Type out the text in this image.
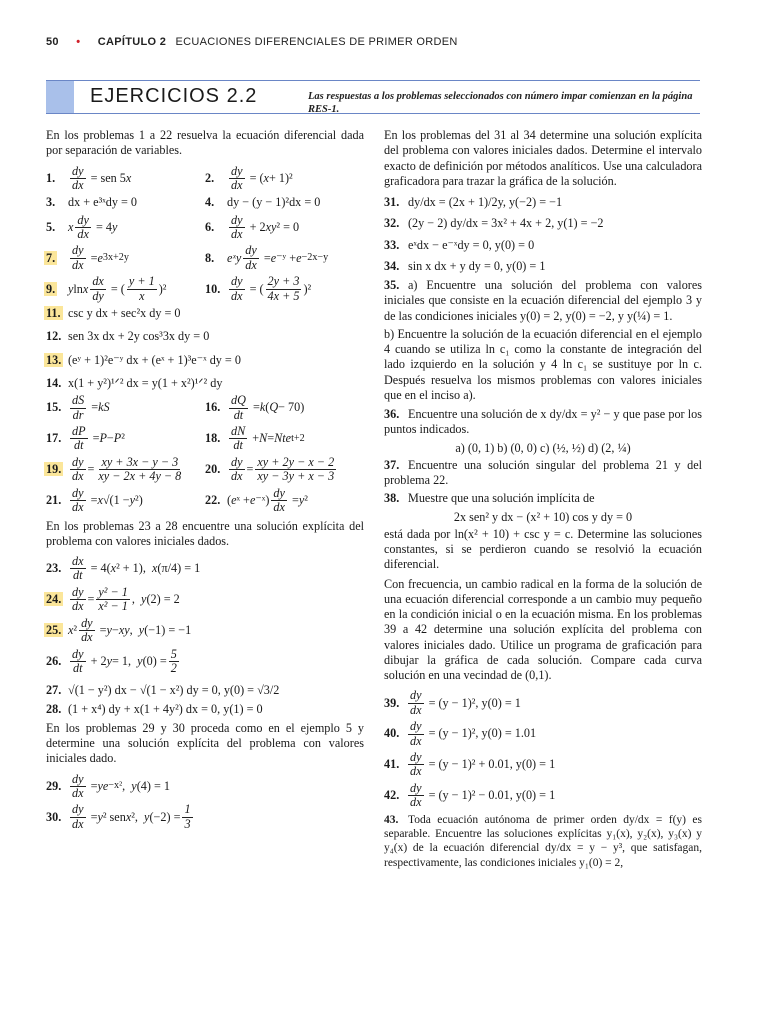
50 • CAPÍTULO 2 ECUACIONES DIFERENCIALES DE PRIMER ORDEN
EJERCICIOS 2.2	Las respuestas a los problemas seleccionados con número impar comienzan en la página RES-1.

En los problemas 1 a 22 resuelva la ecuación diferencial dada por separación de variables.

1.	$\frac{dy}{dx}$ = sen 5 x	2.	$\frac{dy}{dx}$ = ( x + 1)²
3.	dx + e³ˣdy = 0	4.	dy − (y − 1)²dx = 0
5.	x $\frac{dy}{dx} = 4$ y	6.	$\frac{dy}{dx} + 2$ xy ² = 0
7.	$\frac{dy}{dx} = e$ 3x+2y	8.	eˣy $\frac{dy}{dx} = e$ ⁻ʸ + e −2x−y
9.	y ln x $\frac{dx}{dy}$ = ( $\frac{y + 1}{x} )^2$	10. $\frac{dy}{dx}$ = ( $\frac{2y + 3}{4x + 5} )^2$
11. csc y dx + sec²x dy = 0
12. sen 3x dx + 2y cos³3x dy = 0
13. (eʸ + 1)²e⁻ʸ dx + (eˣ + 1)³e⁻ˣ dy = 0
14. x(1 + y²)¹ᐟ² dx = y(1 + x²)¹ᐟ² dy
15. $\frac{dS}{dr}$ = kS	16. $\frac{dQ}{dt} = k$ ( Q − 70)
17. $\frac{dP}{dt} = P - P$ ²	18. $\frac{dN}{dt} + N$ = Nte t+2
19. $\frac{dy}{dx} = \frac{xy + 3x - y - 3}{xy - 2x + 4y - 8} 20$. $\frac{dy}{dx} = \frac{xy + 2y - x - 2}{xy - 3y + x - 3}$
21. $\frac{dy}{dx} = x$ √(1 − y ²)	22. ( e ˣ + e ⁻ˣ) $\frac{dy}{dx} = y$ ²

En los problemas 23 a 28 encuentre una solución explícita del problema con valores iniciales dados.

23. $\frac{dx}{dt} = 4$( x ² + 1), x (π/4) = 1
24. $\frac{dy}{dx} = \frac{\text{y² − 1}}{\text{x² − 1}}$ , y (2) = 2
25. x $^2 \frac{dy}{dx} = y$ − xy , y (−1) = −1
26. $\frac{dy}{dt} + 2$ y = 1, y $(0) = \frac{5}{2}$
27. √(1 − y²) dx − √(1 − x²) dy = 0, y(0) = √3/2
28. (1 + x⁴) dy + x(1 + 4y²) dx = 0, y(1) = 0

En los problemas 29 y 30 proceda como en el ejemplo 5 y determine una solución explícita del problema con valores iniciales dado.

29. $\frac{dy}{dx}$ = ye −x² , y (4) = 1
30. $\frac{dy}{dx} = y$ ² sen x ², y $(-2) = \frac{1}{3}$

En los problemas del 31 al 34 determine una solución explícita del problema con valores iniciales dados. Determine el intervalo exacto de definición por métodos analíticos. Use una calculadora graficadora para trazar la gráfica de la solución.

31. dy/dx = (2x + 1)/2y, y(−2) = −1
32. (2y − 2) dy/dx = 3x² + 4x + 2, y(1) = −2
33. eˣdx − e⁻ˣdy = 0, y(0) = 0
34. sin x dx + y dy = 0, y(0) = 1
35. a) Encuentre una solución del problema con valores iniciales que consiste en la ecuación diferencial del ejemplo 3 y de las condiciones iniciales y(0) = 2, y(0) = −2, y y(¼) = 1.
b) Encuentre la solución de la ecuación diferencial en el ejemplo 4 cuando se utiliza ln c₁ como la constante de integración del lado izquierdo en la solución y 4 ln c₁ se sustituye por ln c. Después resuelva los mismos problemas con valores iniciales que en el inciso a).
36. Encuentre una solución de x dy/dx = y² − y que pase por los puntos indicados.
a) (0, 1) b) (0, 0) c) (½, ½) d) (2, ¼)
37. Encuentre una solución singular del problema 21 y del problema 22.
38. Muestre que una solución implícita de
2x sen² y dx − (x² + 10) cos y dy = 0
está dada por ln(x² + 10) + csc y = c. Determine las soluciones constantes, si se perdieron cuando se resolvió la ecuación diferencial.

Con frecuencia, un cambio radical en la forma de la solución de una ecuación diferencial corresponde a un cambio muy pequeño en la condición inicial o en la ecuación misma. En los problemas 39 a 42 determine una solución explícita del problema con valores iniciales dado. Utilice un programa de graficación para dibujar la gráfica de cada solución. Compare cada curva solución en una vecindad de (0,1).

39. $\frac{dy}{dx}$
= (y − 1)², y(0) = 1
40. $\frac{dy}{dx}$
= (y − 1)², y(0) = 1.01
41. $\frac{dy}{dx}$
= (y − 1)² + 0.01, y(0) = 1
42. $\frac{dy}{dx}$
= (y − 1)² − 0.01, y(0) = 1
43. Toda ecuación autónoma de primer orden dy/dx = f(y) es separable. Encuentre las soluciones explícitas y₁(x), y₂(x), y₃(x) y y₄(x) de la ecuación diferencial dy/dx = y − y³, que satisfagan, respectivamente, las condiciones iniciales y₁(0) = 2,
